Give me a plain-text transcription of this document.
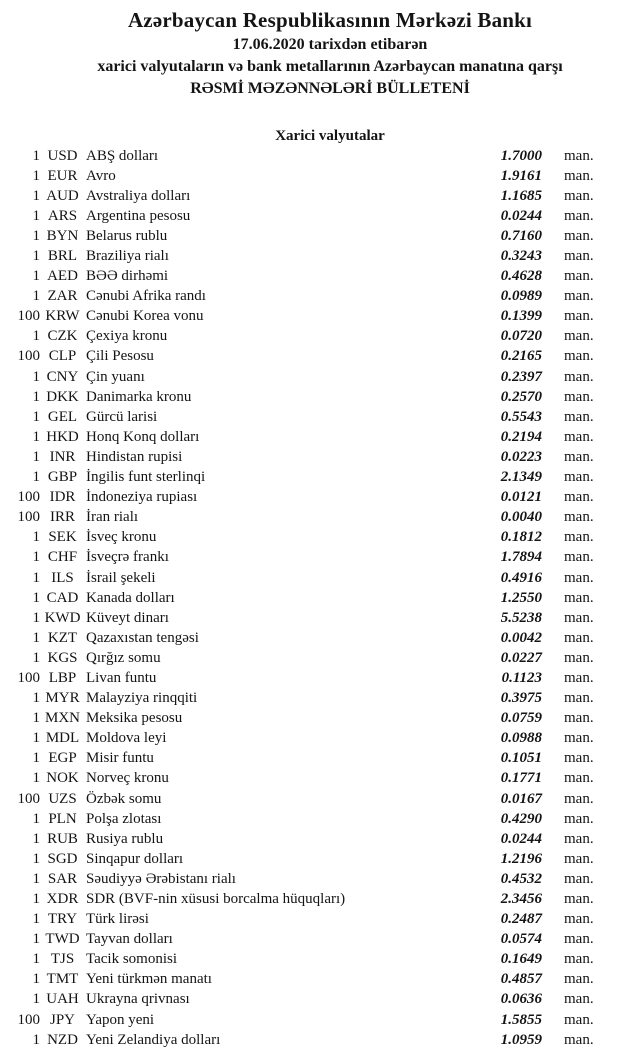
Azərbaycan Respublikasının Mərkəzi Bankı
17.06.2020 tarixdən etibarən
xarici valyutaların və bank metallarının Azərbaycan manatına qarşı
RƏSMİ MƏZƏNNƏLƏRİ BÜLLETENİ
Xarici valyutalar
1 USD ABŞ dolları	1.7000	man.
1 EUR Avro	1.9161	man.
1 AUD Avstraliya dolları	1.1685	man.
1 ARS Argentina pesosu	0.0244	man.
1 BYN Belarus rublu	0.7160	man.
1 BRL Braziliya rialı	0.3243	man.
1 AED BƏƏ dirhəmi	0.4628	man.
1 ZAR Cənubi Afrika randı	0.0989	man.
100 KRW Cənubi Korea vonu	0.1399	man.
1 CZK Çexiya kronu	0.0720	man.
100 CLP Çili Pesosu	0.2165	man.
1 CNY Çin yuanı	0.2397	man.
1 DKK Danimarka kronu	0.2570	man.
1 GEL Gürcü larisi	0.5543	man.
1 HKD Honq Konq dolları	0.2194	man.
1 INR Hindistan rupisi	0.0223	man.
1 GBP İngilis funt sterlinqi	2.1349	man.
100 IDR İndoneziya rupiası	0.0121	man.
100 IRR İran rialı	0.0040	man.
1 SEK İsveç kronu	0.1812	man.
1 CHF İsveçrə frankı	1.7894	man.
1 ILS İsrail şekeli	0.4916	man.
1 CAD Kanada dolları	1.2550	man.
1 KWD Küveyt dinarı	5.5238	man.
1 KZT Qazaxıstan tengəsi	0.0042	man.
1 KGS Qırğız somu	0.0227	man.
100 LBP Livan funtu	0.1123	man.
1 MYR Malayziya rinqqiti	0.3975	man.
1 MXN Meksika pesosu	0.0759	man.
1 MDL Moldova leyi	0.0988	man.
1 EGP Misir funtu	0.1051	man.
1 NOK Norveç kronu	0.1771	man.
100 UZS Özbək somu	0.0167	man.
1 PLN Polşa zlotası	0.4290	man.
1 RUB Rusiya rublu	0.0244	man.
1 SGD Sinqapur dolları	1.2196	man.
1 SAR Səudiyyə Ərəbistanı rialı	0.4532	man.
1 XDR SDR (BVF-nin xüsusi borcalma hüquqları)	2.3456	man.
1 TRY Türk lirəsi	0.2487	man.
1 TWD Tayvan dolları	0.0574	man.
1 TJS Tacik somonisi	0.1649	man.
1 TMT Yeni türkmən manatı	0.4857	man.
1 UAH Ukrayna qrivnası	0.0636	man.
100 JPY Yapon yeni	1.5855	man.
1 NZD Yeni Zelandiya dolları	1.0959	man.
